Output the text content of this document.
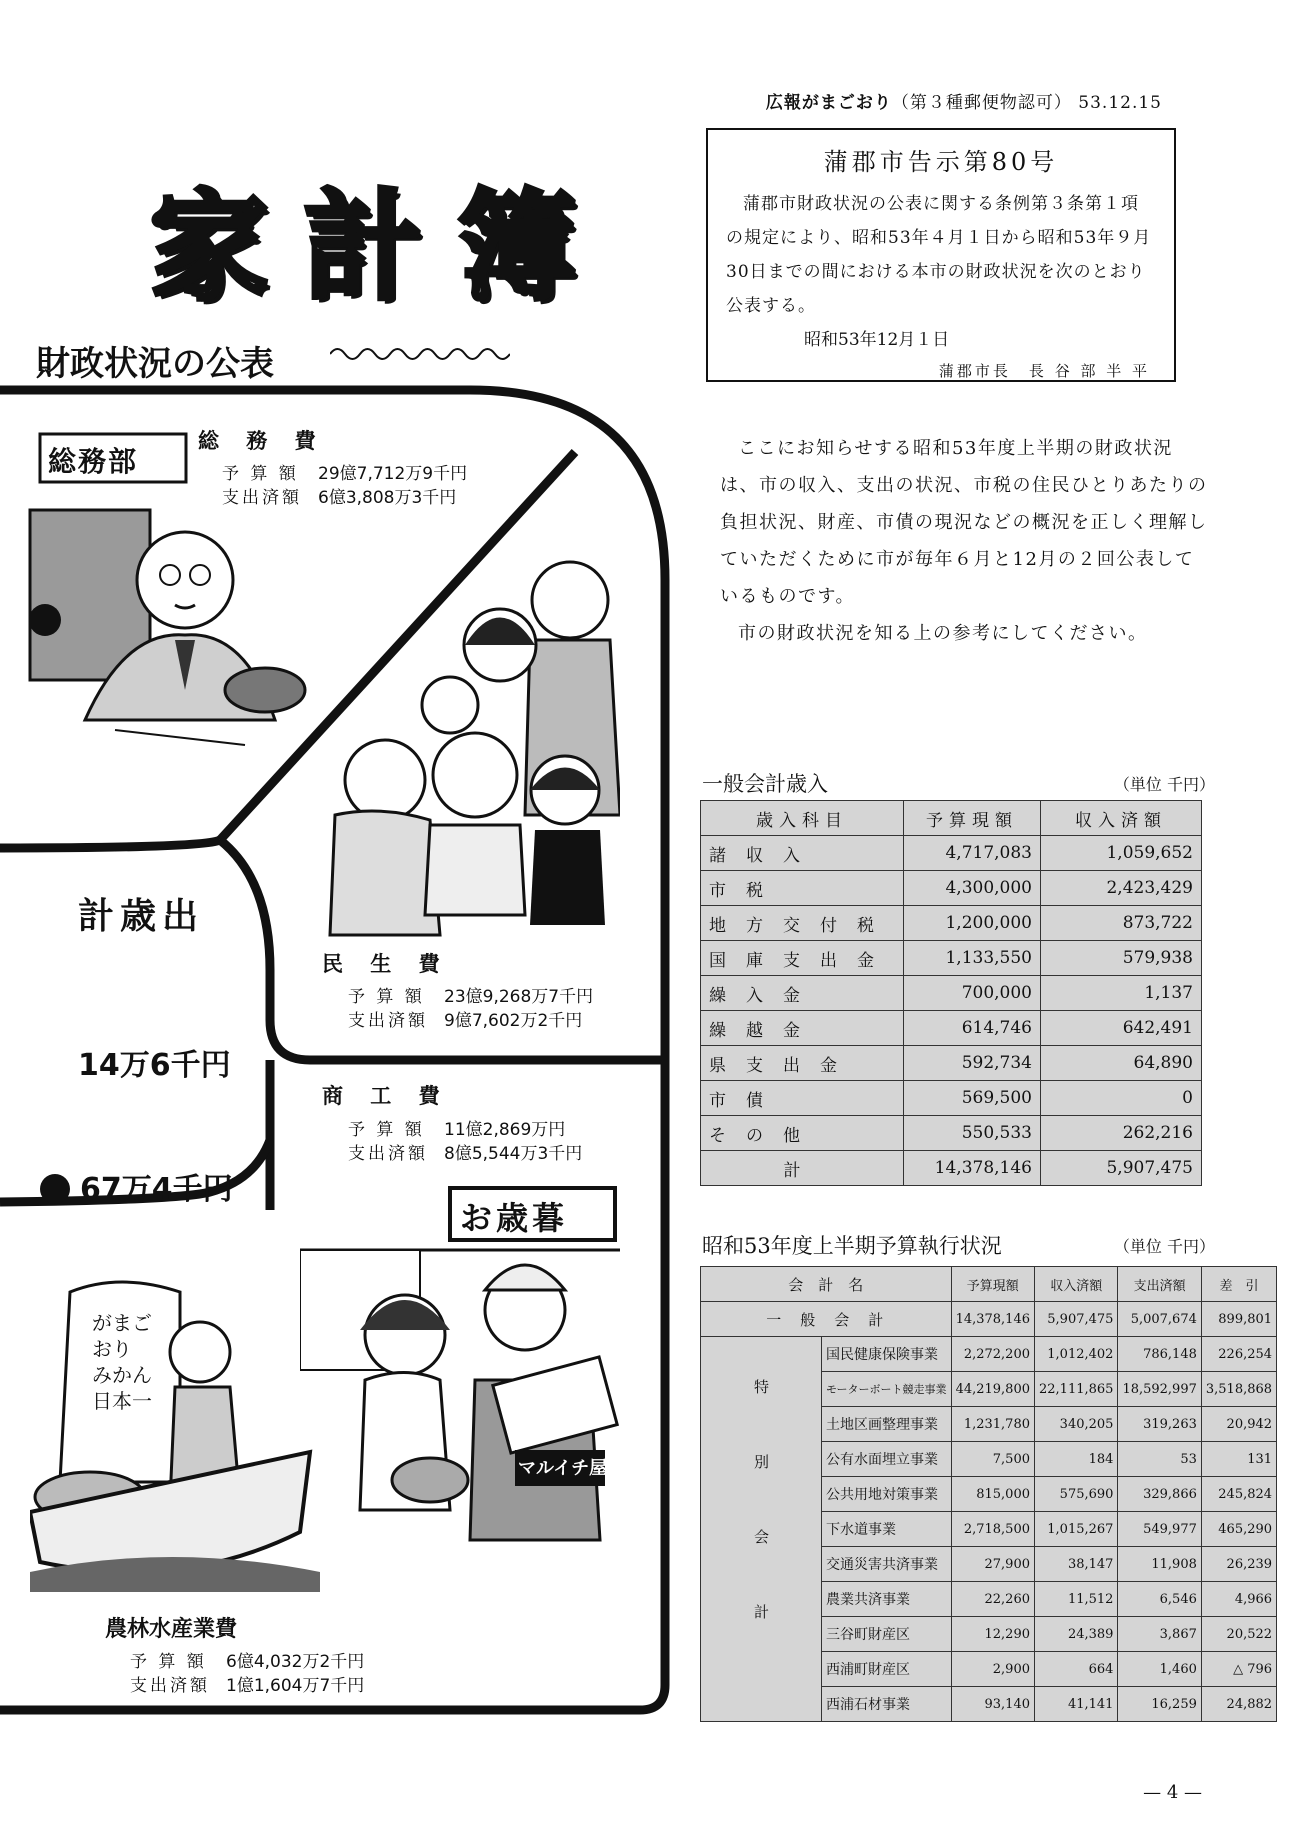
広報がまごおり（第３種郵便物認可） 53.12.15
家計簿
財政状況の公表
蒲郡市告示第80号
蒲郡市財政状況の公表に関する条例第３条第１項の規定により、昭和53年４月１日から昭和53年９月30日までの間における本市の財政状況を次のとおり公表する。
昭和53年12月１日
蒲郡市長　長 谷 部 半 平

ここにお知らせする昭和53年度上半期の財政状況は、市の収入、支出の状況、市税の住民ひとりあたりの負担状況、財産、市債の現況などの概況を正しく理解していただくために市が毎年６月と12月の２回公表しているものです。

市の財政状況を知る上の参考にしてください。

総務部
総 務 費
予 算 額 29億7,712万9千円
支出済額 6億3,808万3千円
民 生 費
予 算 額 23億9,268万7千円
支出済額 9億7,602万2千円
計歳出
14万6千円
67万4千円
商 工 費
予 算 額 11億2,869万円
支出済額 8億5,544万3千円
お歳暮
マルイチ屋
がまごおり みかん 日本一
農林水産業費
予 算 額 6億4,032万2千円
支出済額 1億1,604万7千円
一般会計歳入	（単位 千円）
歳入科目	予算現額	収入済額
諸収入	4,717,083	1,059,652
市税	4,300,000	2,423,429
地方交付税	1,200,000	873,722
国庫支出金	1,133,550	579,938
繰入金	700,000	1,137
繰越金	614,746	642,491
県支出金	592,734	64,890
市債	569,500	0
その他	550,533	262,216
計	14,378,146	5,907,475
昭和53年度上半期予算執行状況	（単位 千円）
会　計　名		予算現額	収入済額	支出済額	差　引
一　般　会　計		14,378,146	5,907,475	5,007,674	899,801
特別会計	国民健康保険事業	2,272,200	1,012,402	786,148	226,254
	モーターボート競走事業	44,219,800	22,111,865	18,592,997	3,518,868
	土地区画整理事業	1,231,780	340,205	319,263	20,942
	公有水面埋立事業	7,500	184	53	131
	公共用地対策事業	815,000	575,690	329,866	245,824
	下水道事業	2,718,500	1,015,267	549,977	465,290
	交通災害共済事業	27,900	38,147	11,908	26,239
	農業共済事業	22,260	11,512	6,546	4,966
	三谷町財産区	12,290	24,389	3,867	20,522
	西浦町財産区	2,900	664	1,460	△ 796
	西浦石材事業	93,140	41,141	16,259	24,882
— 4 —
